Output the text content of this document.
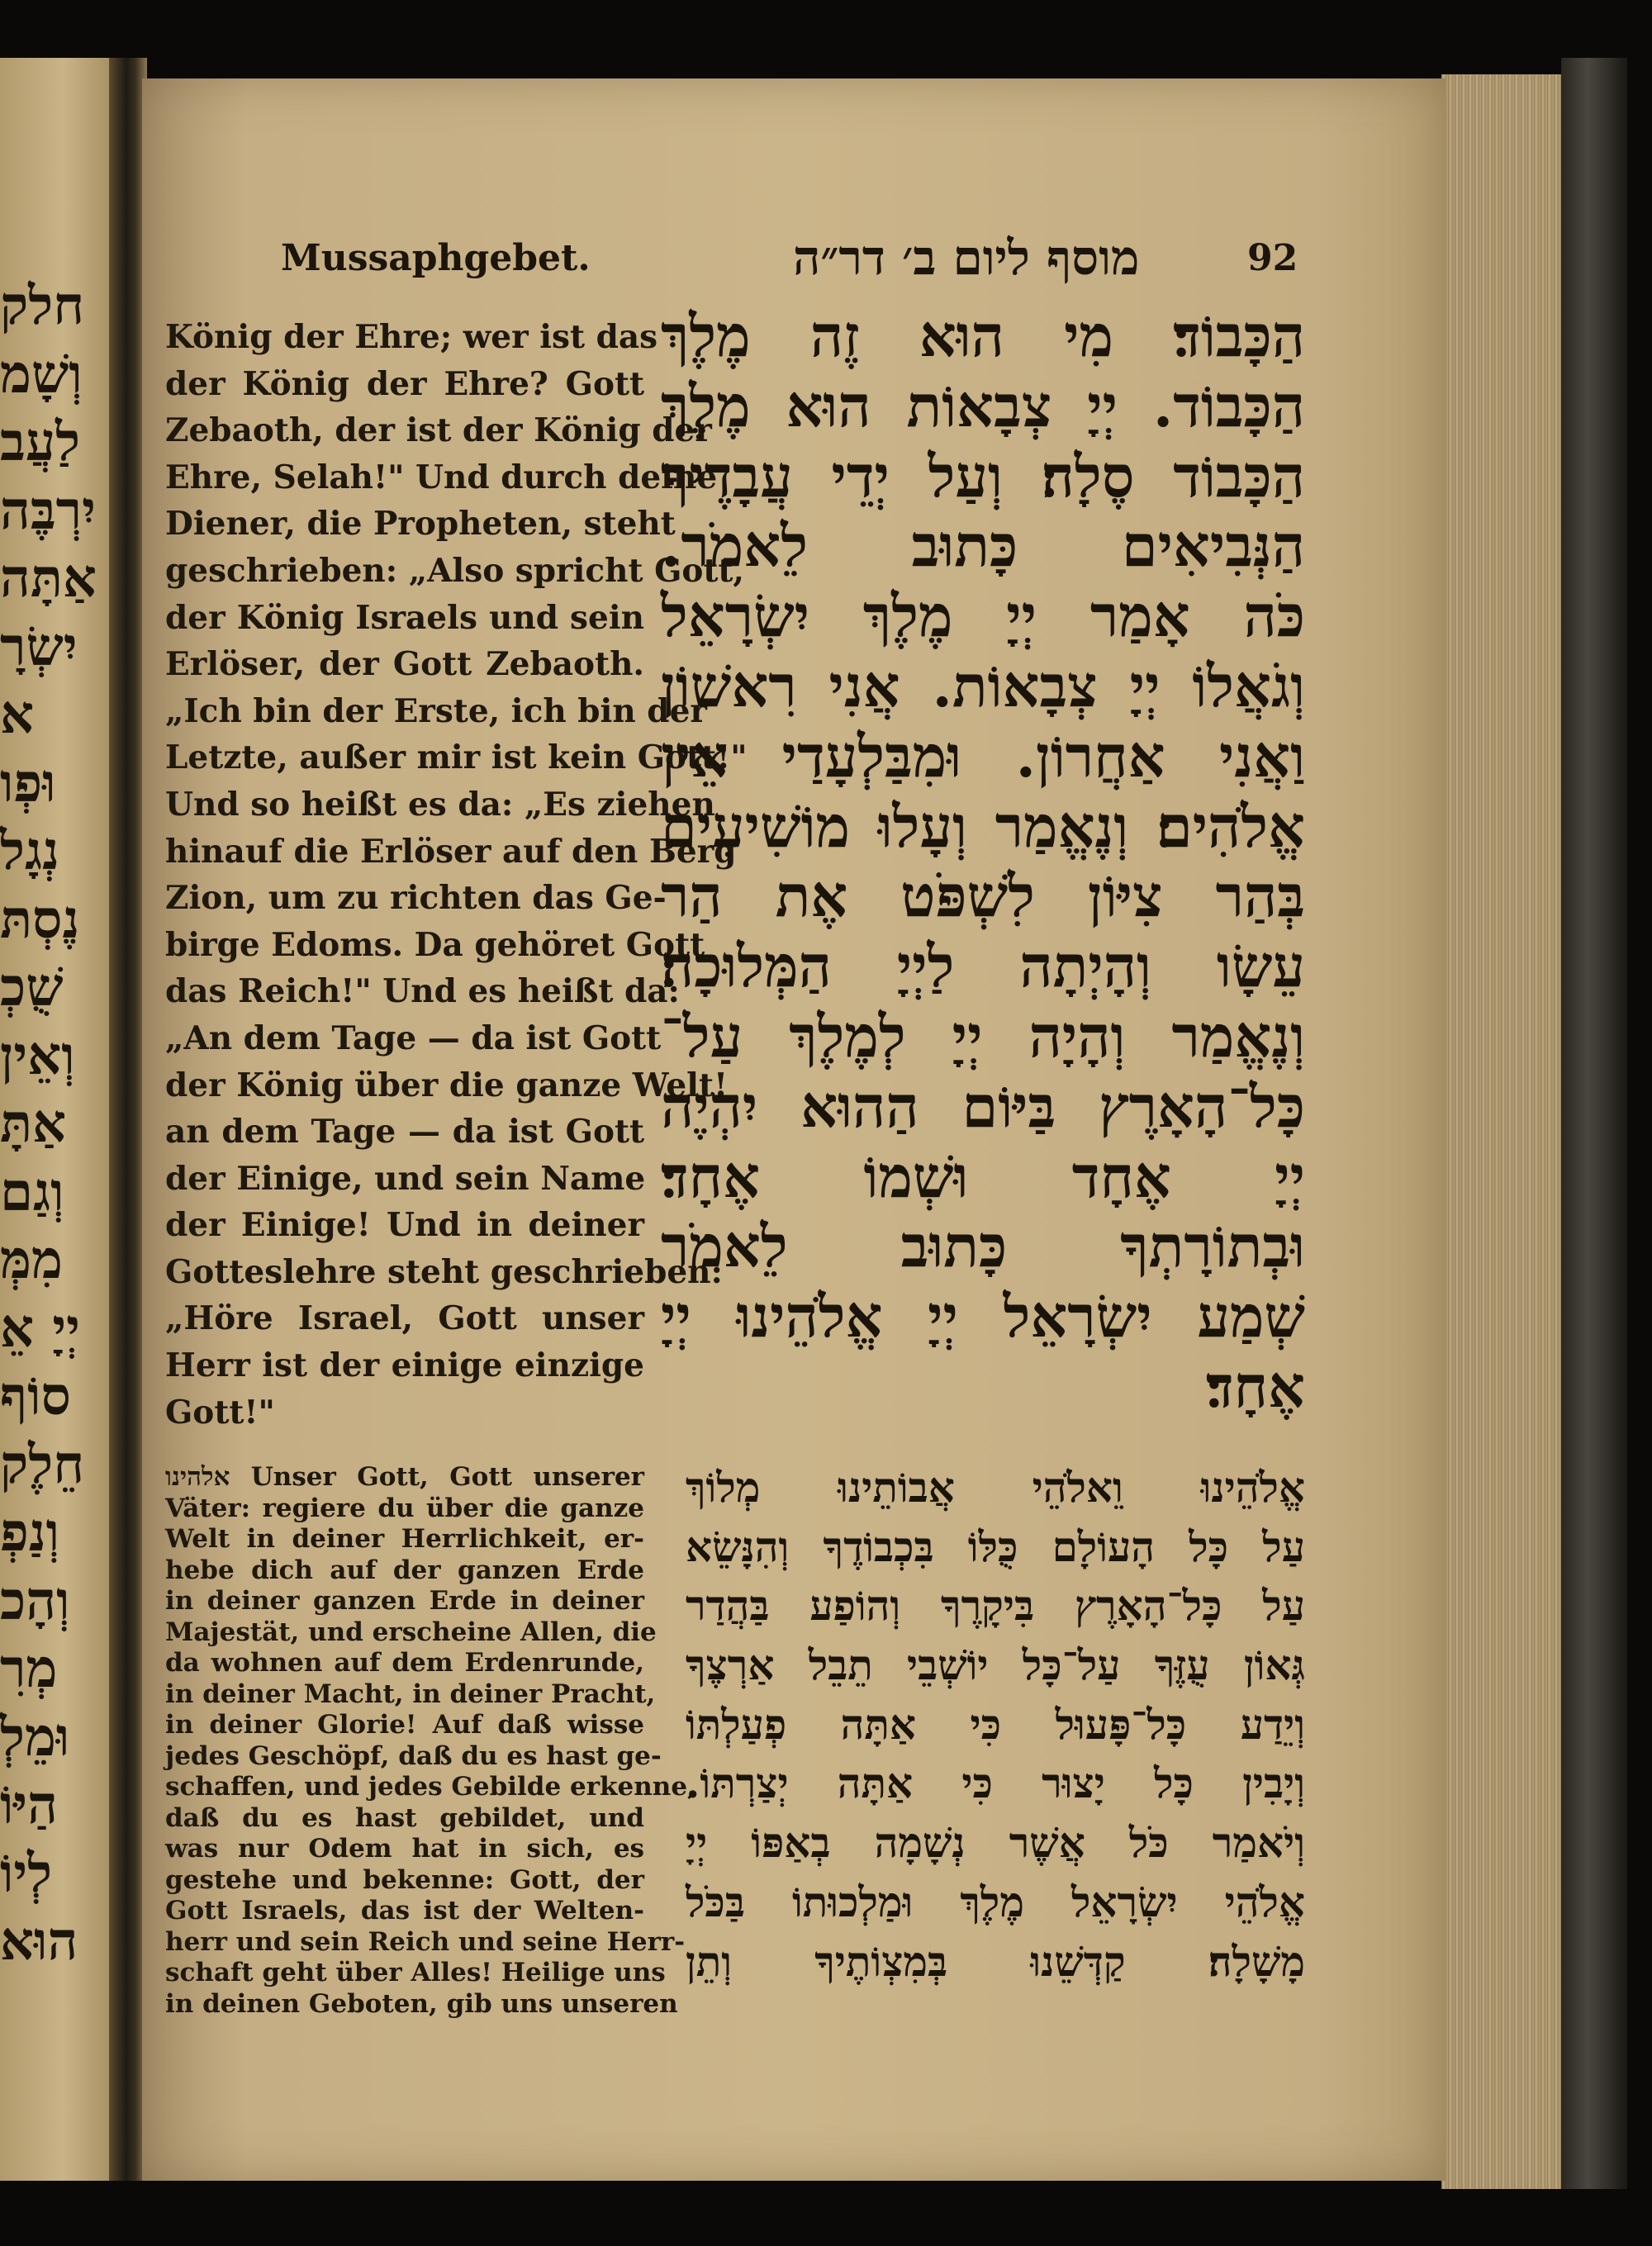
חלק
וְשָׁמ
לַעֲב
יִרְבֶּה
אַתָּה
יִשְׂרָ
א
וּפְו
נְגָל
נֶסְתּ
שֻׁכְ
וְאֵין
אַתָּ
וְגַם
מִמְּ
יְיָ אֵ
סוֹף
חֵלֶק
וְנַפְ
וְהָכ
מְרִ
וּמֵלְ
הַיּוֹ
לְיוֹ
הוּא
Mussaphgebet.	מוסף ליום ב׳ דר״ה	92
König der Ehre; wer ist das
der König der Ehre? Gott
Zebaoth, der ist der König der
Ehre, Selah!" Und durch deine
Diener, die Propheten, steht
geschrieben: „Also spricht Gott,
der König Israels und sein
Erlöser, der Gott Zebaoth.
„Ich bin der Erste, ich bin der
Letzte, außer mir ist kein Gott!"
Und so heißt es da: „Es ziehen
hinauf die Erlöser auf den Berg
Zion, um zu richten das Ge-
birge Edoms. Da gehöret Gott
das Reich!" Und es heißt da:
„An dem Tage — da ist Gott
der König über die ganze Welt!
an dem Tage — da ist Gott
der Einige, und sein Name
der Einige! Und in deiner
Gotteslehre steht geschrieben:
„Höre Israel, Gott unser
Herr ist der einige einzige
Gott!"
אלהינו Unser Gott, Gott unserer
Väter: regiere du über die ganze
Welt in deiner Herrlichkeit, er-
hebe dich auf der ganzen Erde
in deiner ganzen Erde in deiner
Majestät, und erscheine Allen, die
da wohnen auf dem Erdenrunde,
in deiner Macht, in deiner Pracht,
in deiner Glorie! Auf daß wisse
jedes Geschöpf, daß du es hast ge-
schaffen, und jedes Gebilde erkenne,
daß du es hast gebildet, und
was nur Odem hat in sich, es
gestehe und bekenne: Gott, der
Gott Israels, das ist der Welten-
herr und sein Reich und seine Herr-
schaft geht über Alles! Heilige uns
in deinen Geboten, gib uns unseren
הַכָּבוֹד׃ מִי הוּא זֶה מֶלֶךְ
הַכָּבוֹד. יְיָ צְבָאוֹת הוּא מֶלֶךְ
הַכָּבוֹד סֶלָה׃ וְעַל יְדֵי עֲבָדֶיךָ
הַנְּבִיאִים כָּתוּב לֵאמֹר.
כֹּה אָמַר יְיָ מֶלֶךְ יִשְׂרָאֵל
וְגֹאֲלוֹ יְיָ צְבָאוֹת. אֲנִי רִאשׁוֹן
וַאֲנִי אַחֲרוֹן. וּמִבַּלְעָדַי אֵין
אֱלֹהִים׃ וְנֶאֱמַר וְעָלוּ מוֹשִׁיעִים
בְּהַר צִיּוֹן לִשְׁפֹּט אֶת הַר
עֵשָׂו וְהָיְתָה לַיְיָ הַמְּלוּכָה׃
וְנֶאֱמַר וְהָיָה יְיָ לְמֶלֶךְ עַל־
כָּל־הָאָרֶץ בַּיּוֹם הַהוּא יִהְיֶה
יְיָ אֶחָד וּשְׁמוֹ אֶחָד׃
וּבְתוֹרָתְךָ כָּתוּב לֵאמֹר
שְׁמַע יִשְׂרָאֵל יְיָ אֱלֹהֵינוּ יְיָ
אֶחָד׃
אֱלֹהֵינוּ וֵאלֹהֵי אֲבוֹתֵינוּ מְלוֹךְ
עַל כָּל הָעוֹלָם כֻּלּוֹ בִּכְבוֹדֶךָ וְהִנָּשֵׂא
עַל כָּל־הָאָרֶץ בִּיקָרֶךָ וְהוֹפַע בַּהֲדַר
גְּאוֹן עֻזֶּךָ עַל־כָּל יוֹשְׁבֵי תֵבֵל אַרְצֶךָ
וְיֵדַע כָּל־פָּעוּל כִּי אַתָּה פְעַלְתּוֹ
וְיָבִין כָּל יָצוּר כִּי אַתָּה יְצַרְתּוֹ.
וְיֹאמַר כֹּל אֲשֶׁר נְשָׁמָה בְאַפּוֹ יְיָ
אֱלֹהֵי יִשְׂרָאֵל מֶלֶךְ וּמַלְכוּתוֹ בַּכֹּל
מָשָׁלָה׃ קַדְּשֵׁנוּ בְּמִצְוֹתֶיךָ וְתֵן
